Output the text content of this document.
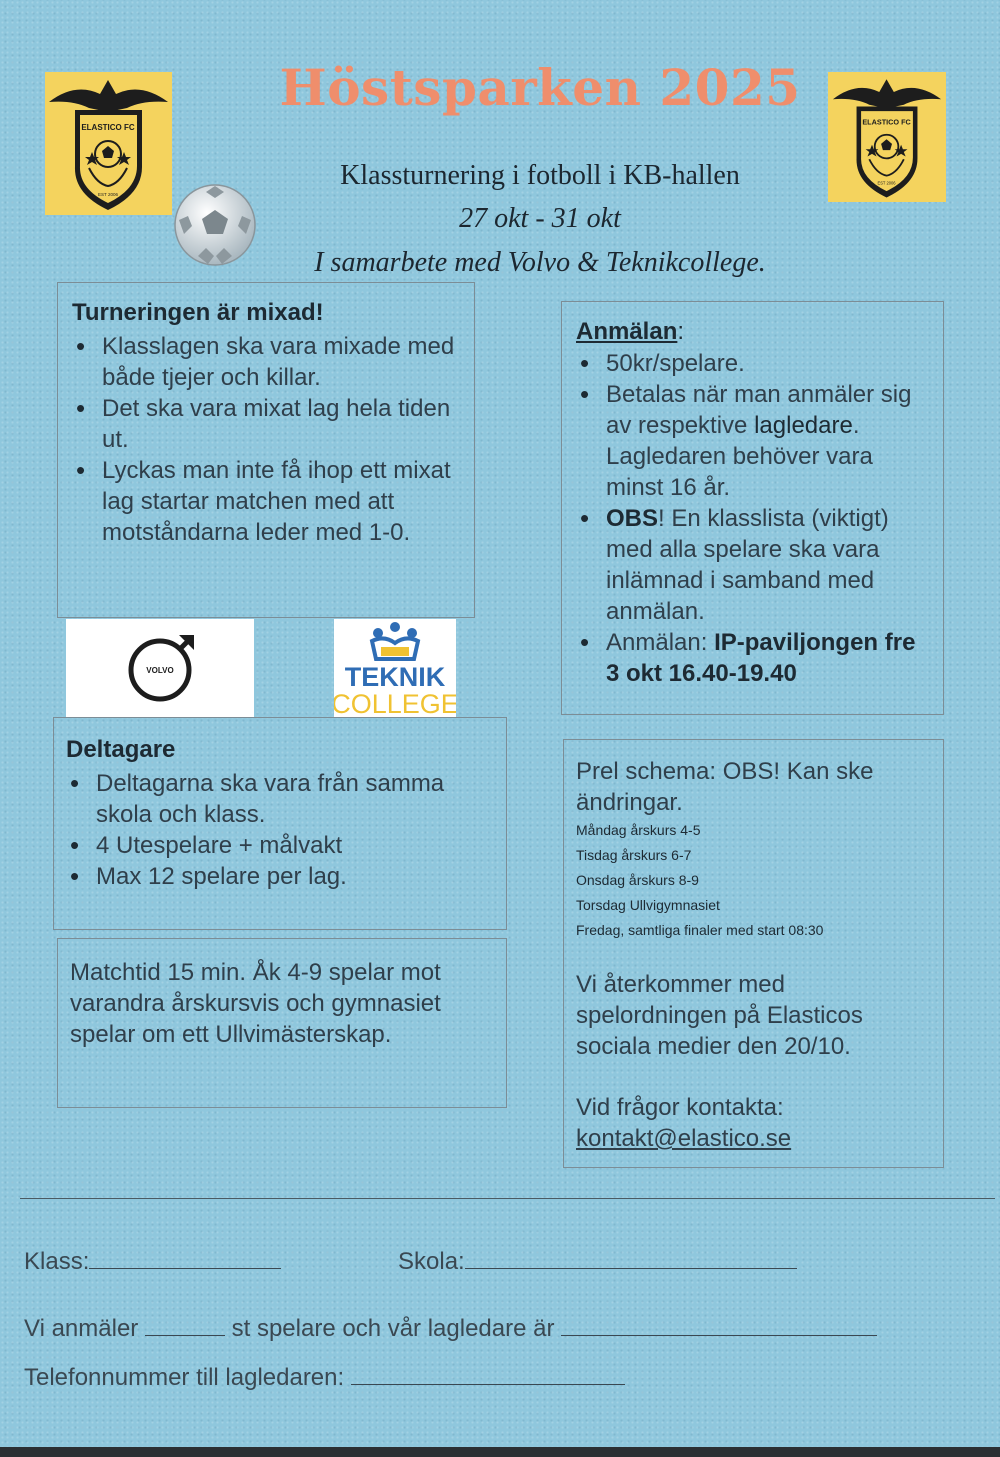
Höstsparken 2025
Klassturnering i fotboll i KB-hallen
27 okt - 31 okt
I samarbete med Volvo & Teknikcollege.
ELASTICO FC
EST 2006
ELASTICO FC
EST 2006
Turneringen är mixad!
• Klasslagen ska vara mixade med både tjejer och killar.
• Det ska vara mixat lag hela tiden ut.
• Lyckas man inte få ihop ett mixat lag startar matchen med att motståndarna leder med 1-0.
Anmälan:
• 50kr/spelare.
• Betalas när man anmäler sig av respektive lagledare. Lagledaren behöver vara minst 16 år.
• OBS! En klasslista (viktigt) med alla spelare ska vara inlämnad i samband med anmälan.
• Anmälan: IP-paviljongen fre 3 okt 16.40-19.40
VOLVO	TEKNIK
COLLEGE
Deltagare
• Deltagarna ska vara från samma skola och klass.
• 4 Utespelare + målvakt
• Max 12 spelare per lag.
Matchtid 15 min. Åk 4-9 spelar mot varandra årskursvis och gymnasiet spelar om ett Ullvimästerskap.
Prel schema: OBS! Kan ske ändringar.
Måndag årskurs 4-5
Tisdag årskurs 6-7
Onsdag årskurs 8-9
Torsdag Ullvigymnasiet
Fredag, samtliga finaler med start 08:30
Vi återkommer med spelordningen på Elasticos sociala medier den 20/10.
Vid frågor kontakta:
kontakt@elastico.se
Klass:	Skola:
Vi anmäler	st spelare och vår lagledare är
Telefonnummer till lagledaren:
